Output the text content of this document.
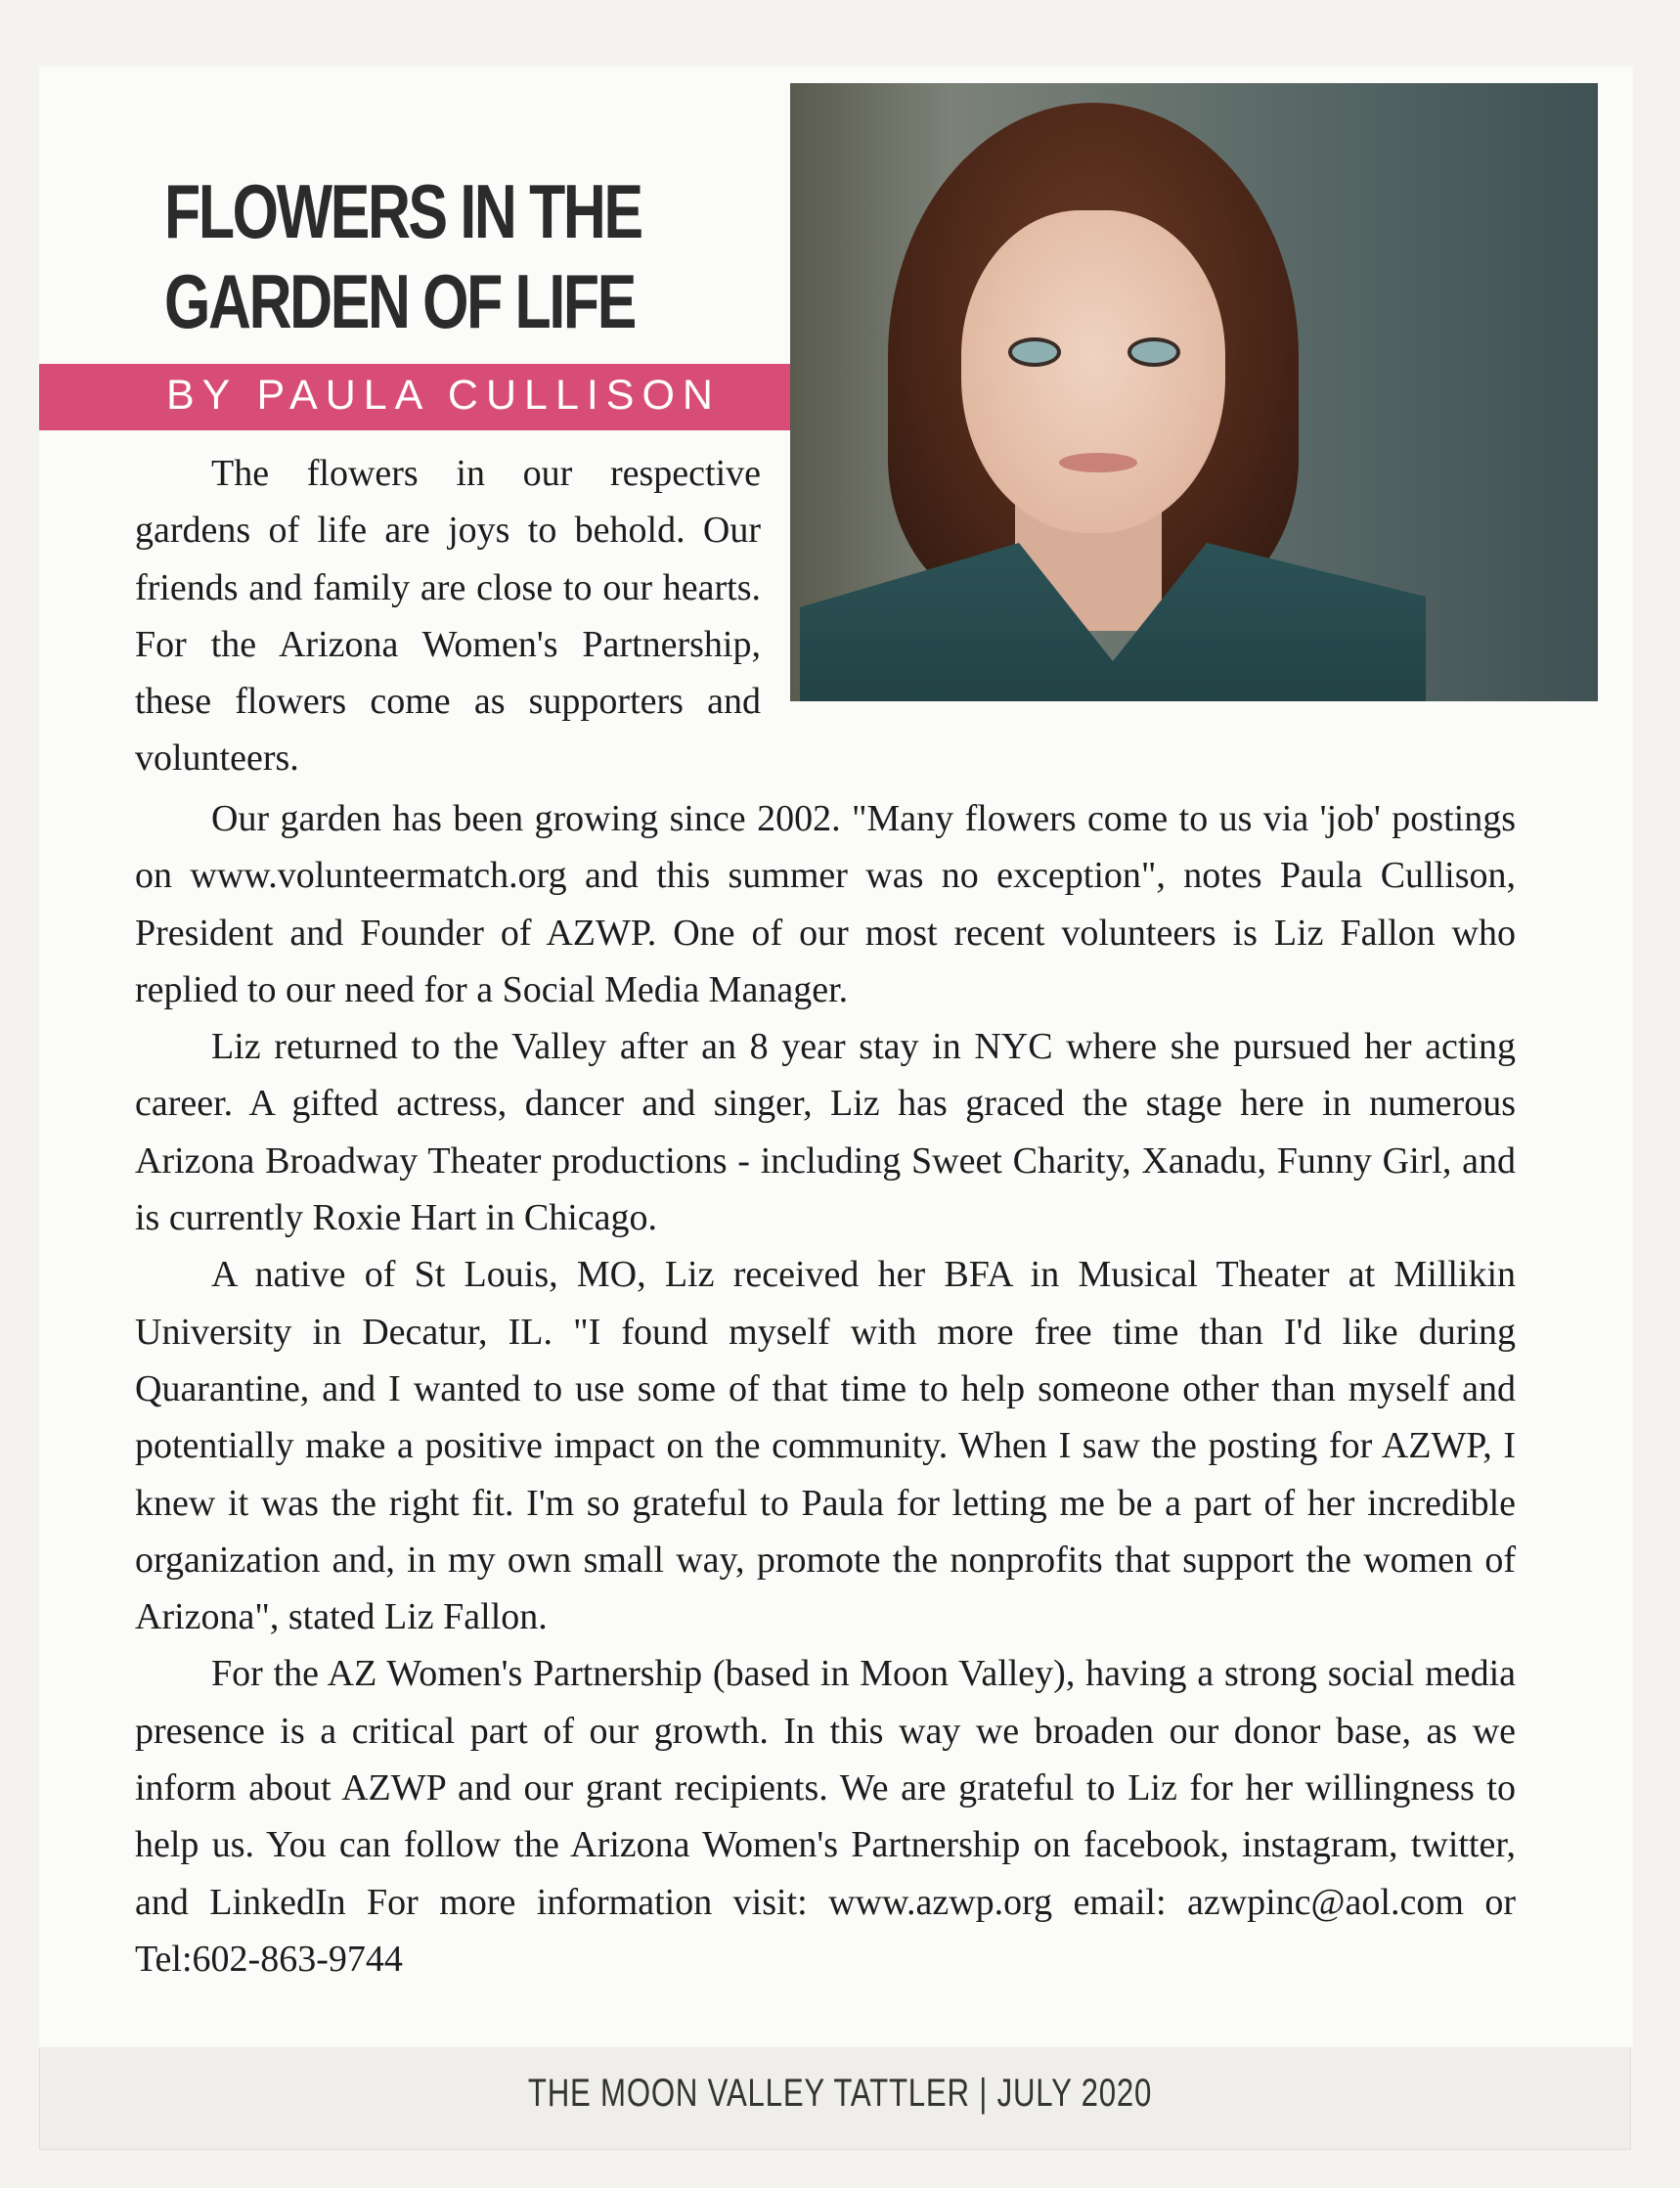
FLOWERS IN THE
GARDEN OF LIFE
BY PAULA CULLISON

The flowers in our respective gardens of life are joys to behold. Our friends and family are close to our hearts. For the Arizona Women's Partnership, these flowers come as supporters and volunteers.

Our garden has been growing since 2002. "Many flowers come to us via 'job' postings on www.volunteermatch.org and this summer was no exception", notes Paula Cullison, President and Founder of AZWP. One of our most recent volunteers is Liz Fallon who replied to our need for a Social Media Manager.

Liz returned to the Valley after an 8 year stay in NYC where she pursued her acting career. A gifted actress, dancer and singer, Liz has graced the stage here in numerous Arizona Broadway Theater productions - including Sweet Charity, Xanadu, Funny Girl, and is currently Roxie Hart in Chicago.

A native of St Louis, MO, Liz received her BFA in Musical Theater at Millikin University in Decatur, IL. "I found myself with more free time than I'd like during Quarantine, and I wanted to use some of that time to help someone other than myself and potentially make a positive impact on the community. When I saw the posting for AZWP, I knew it was the right fit. I'm so grateful to Paula for letting me be a part of her incredible organization and, in my own small way, promote the nonprofits that support the women of Arizona", stated Liz Fallon.

For the AZ Women's Partnership (based in Moon Valley), having a strong social media presence is a critical part of our growth. In this way we broaden our donor base, as we inform about AZWP and our grant recipients. We are grateful to Liz for her willingness to help us. You can follow the Arizona Women's Partnership on facebook, instagram, twitter, and LinkedIn For more information visit: www.azwp.org email: azwpinc@aol.com or Tel:602-863-9744

THE MOON VALLEY TATTLER | JULY 2020
